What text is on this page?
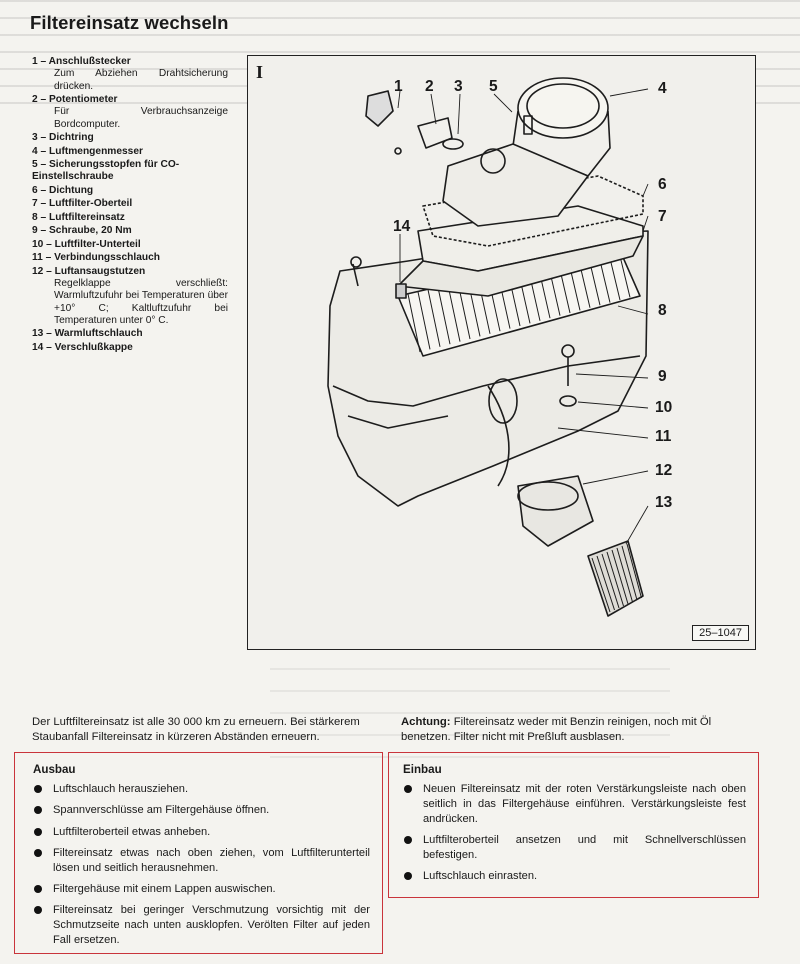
Filtereinsatz wechseln
1 – Anschlußstecker
Zum Abziehen Drahtsicherung drücken.
2 – Potentiometer
Für Verbrauchsanzeige Bordcomputer.
3 – Dichtring
4 – Luftmengenmesser
5 – Sicherungsstopfen für CO-Einstellschraube
6 – Dichtung
7 – Luftfilter-Oberteil
8 – Luftfiltereinsatz
9 – Schraube, 20 Nm
10 – Luftfilter-Unterteil
11 – Verbindungsschlauch
12 – Luftansaugstutzen
Regelklappe verschließt: Warmluftzufuhr bei Temperaturen über +10° C; Kaltluftzufuhr bei Temperaturen unter 0° C.
13 – Warmluftschlauch
14 – Verschlußkappe
I
1 2 3 5	4
6
7
14
8
9
10
11
12
13
25–1047
Der Luftfiltereinsatz ist alle 30 000 km zu erneuern. Bei stärkerem Staubanfall Filtereinsatz in kürzeren Abständen erneuern.
Achtung: Filtereinsatz weder mit Benzin reinigen, noch mit Öl benetzen. Filter nicht mit Preßluft ausblasen.
Ausbau
Luftschlauch herausziehen.
Spannverschlüsse am Filtergehäuse öffnen.
Luftfilteroberteil etwas anheben.
Filtereinsatz etwas nach oben ziehen, vom Luftfilterunterteil lösen und seitlich herausnehmen.
Filtergehäuse mit einem Lappen auswischen.
Filtereinsatz bei geringer Verschmutzung vorsichtig mit der Schmutzseite nach unten ausklopfen. Verölten Filter auf jeden Fall ersetzen.
Einbau
Neuen Filtereinsatz mit der roten Verstärkungsleiste nach oben seitlich in das Filtergehäuse einführen. Verstärkungsleiste fest andrücken.
Luftfilteroberteil ansetzen und mit Schnellverschlüssen befestigen.
Luftschlauch einrasten.
